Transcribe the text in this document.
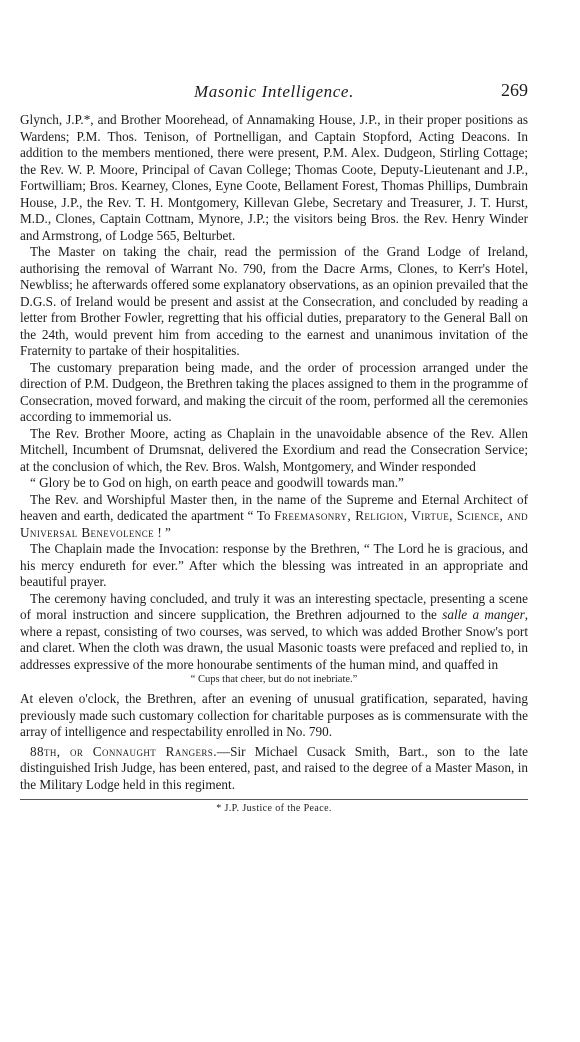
Masonic Intelligence.	269

Glynch, J.P.*, and Brother Moorehead, of Annamaking House, J.P., in their proper positions as Wardens; P.M. Thos. Tenison, of Portnelligan, and Captain Stopford, Acting Deacons. In addition to the members mentioned, there were present, P.M. Alex. Dudgeon, Stirling Cottage; the Rev. W. P. Moore, Principal of Cavan College; Thomas Coote, Deputy-Lieutenant and J.P., Fortwilliam; Bros. Kearney, Clones, Eyne Coote, Bellament Forest, Thomas Phillips, Dumbrain House, J.P., the Rev. T. H. Montgomery, Killevan Glebe, Secretary and Treasurer, J. T. Hurst, M.D., Clones, Captain Cottnam, Mynore, J.P.; the visitors being Bros. the Rev. Henry Winder and Armstrong, of Lodge 565, Belturbet.

The Master on taking the chair, read the permission of the Grand Lodge of Ireland, authorising the removal of Warrant No. 790, from the Dacre Arms, Clones, to Kerr's Hotel, Newbliss; he afterwards offered some explanatory observations, as an opinion prevailed that the D.G.S. of Ireland would be present and assist at the Consecration, and concluded by reading a letter from Brother Fowler, regretting that his official duties, preparatory to the General Ball on the 24th, would prevent him from acceding to the earnest and unanimous invitation of the Fraternity to partake of their hospitalities.

The customary preparation being made, and the order of procession arranged under the direction of P.M. Dudgeon, the Brethren taking the places assigned to them in the programme of Consecration, moved forward, and making the circuit of the room, performed all the ceremonies according to immemorial us.

The Rev. Brother Moore, acting as Chaplain in the unavoidable absence of the Rev. Allen Mitchell, Incumbent of Drumsnat, delivered the Exordium and read the Consecration Service; at the conclusion of which, the Rev. Bros. Walsh, Montgomery, and Winder responded

“ Glory be to God on high, on earth peace and goodwill towards man.”

The Rev. and Worshipful Master then, in the name of the Supreme and Eternal Architect of heaven and earth, dedicated the apartment “ To Freemasonry, Religion, Virtue, Science, and Universal Benevolence ! ”

The Chaplain made the Invocation: response by the Brethren, “ The Lord he is gracious, and his mercy endureth for ever.” After which the blessing was intreated in an appropriate and beautiful prayer.

The ceremony having concluded, and truly it was an interesting spectacle, presenting a scene of moral instruction and sincere supplication, the Brethren adjourned to the salle a manger, where a repast, consisting of two courses, was served, to which was added Brother Snow's port and claret. When the cloth was drawn, the usual Masonic toasts were prefaced and replied to, in addresses expressive of the more honourabe sentiments of the human mind, and quaffed in

“ Cups that cheer, but do not inebriate.”

At eleven o'clock, the Brethren, after an evening of unusual gratification, separated, having previously made such customary collection for charitable purposes as is commensurate with the array of intelligence and respectability enrolled in No. 790.

88th, or Connaught Rangers.—Sir Michael Cusack Smith, Bart., son to the late distinguished Irish Judge, has been entered, past, and raised to the degree of a Master Mason, in the Military Lodge held in this regiment.

* J.P. Justice of the Peace.
